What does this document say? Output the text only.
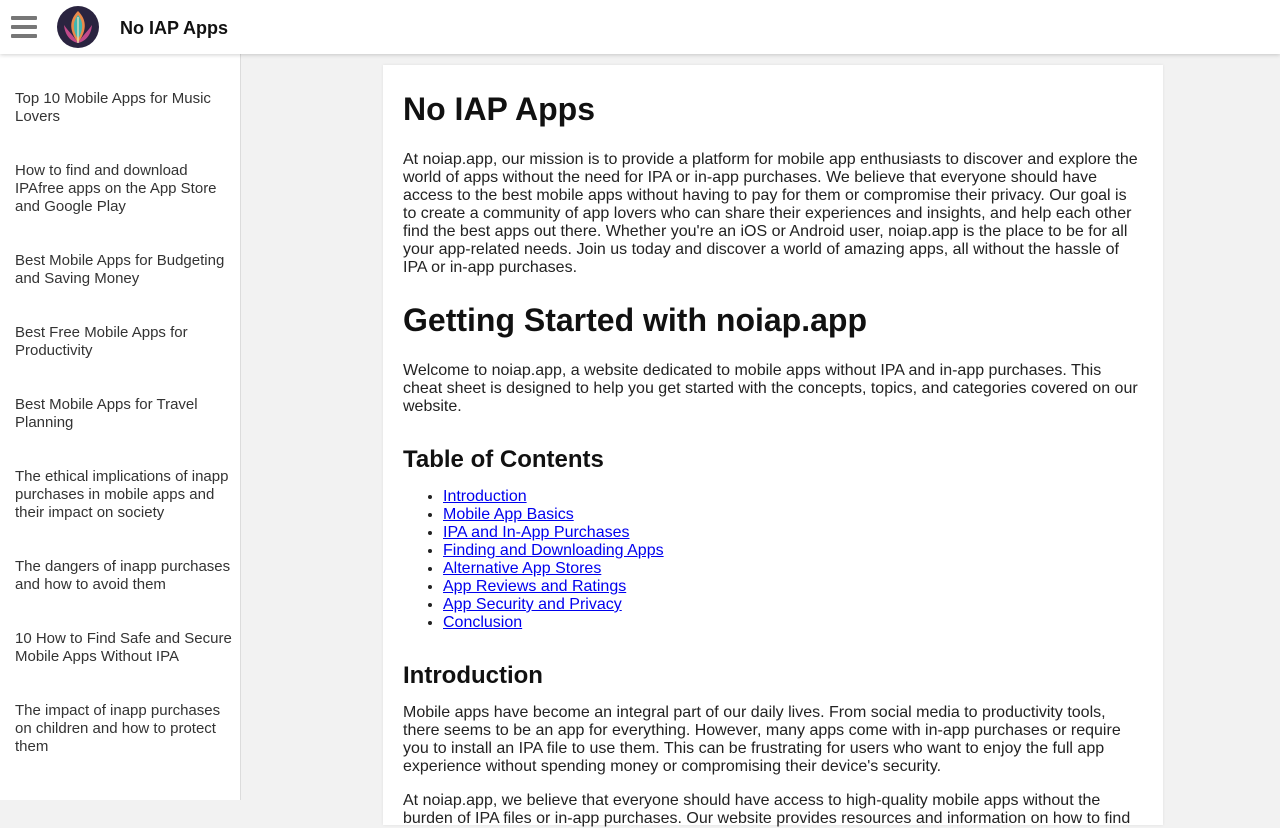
No IAP Apps
Top 10 Mobile Apps for Music Lovers
How to find and download IPAfree apps on the App Store and Google Play
Best Mobile Apps for Budgeting and Saving Money
Best Free Mobile Apps for Productivity
Best Mobile Apps for Travel Planning
The ethical implications of inapp purchases in mobile apps and their impact on society
The dangers of inapp purchases and how to avoid them
10 How to Find Safe and Secure Mobile Apps Without IPA
The impact of inapp purchases on children and how to protect them
No IAP Apps

At noiap.app, our mission is to provide a platform for mobile app enthusiasts to discover and explore the world of apps without the need for IPA or in-app purchases. We believe that everyone should have access to the best mobile apps without having to pay for them or compromise their privacy. Our goal is to create a community of app lovers who can share their experiences and insights, and help each other find the best apps out there. Whether you're an iOS or Android user, noiap.app is the place to be for all your app-related needs. Join us today and discover a world of amazing apps, all without the hassle of IPA or in-app purchases.

Getting Started with noiap.app

Welcome to noiap.app, a website dedicated to mobile apps without IPA and in-app purchases. This cheat sheet is designed to help you get started with the concepts, topics, and categories covered on our website.

Table of Contents
• Introduction
• Mobile App Basics
• IPA and In-App Purchases
• Finding and Downloading Apps
• Alternative App Stores
• App Reviews and Ratings
• App Security and Privacy
• Conclusion
Introduction

Mobile apps have become an integral part of our daily lives. From social media to productivity tools, there seems to be an app for everything. However, many apps come with in-app purchases or require you to install an IPA file to use them. This can be frustrating for users who want to enjoy the full app experience without spending money or compromising their device's security.

At noiap.app, we believe that everyone should have access to high-quality mobile apps without the burden of IPA files or in-app purchases. Our website provides resources and information on how to find
